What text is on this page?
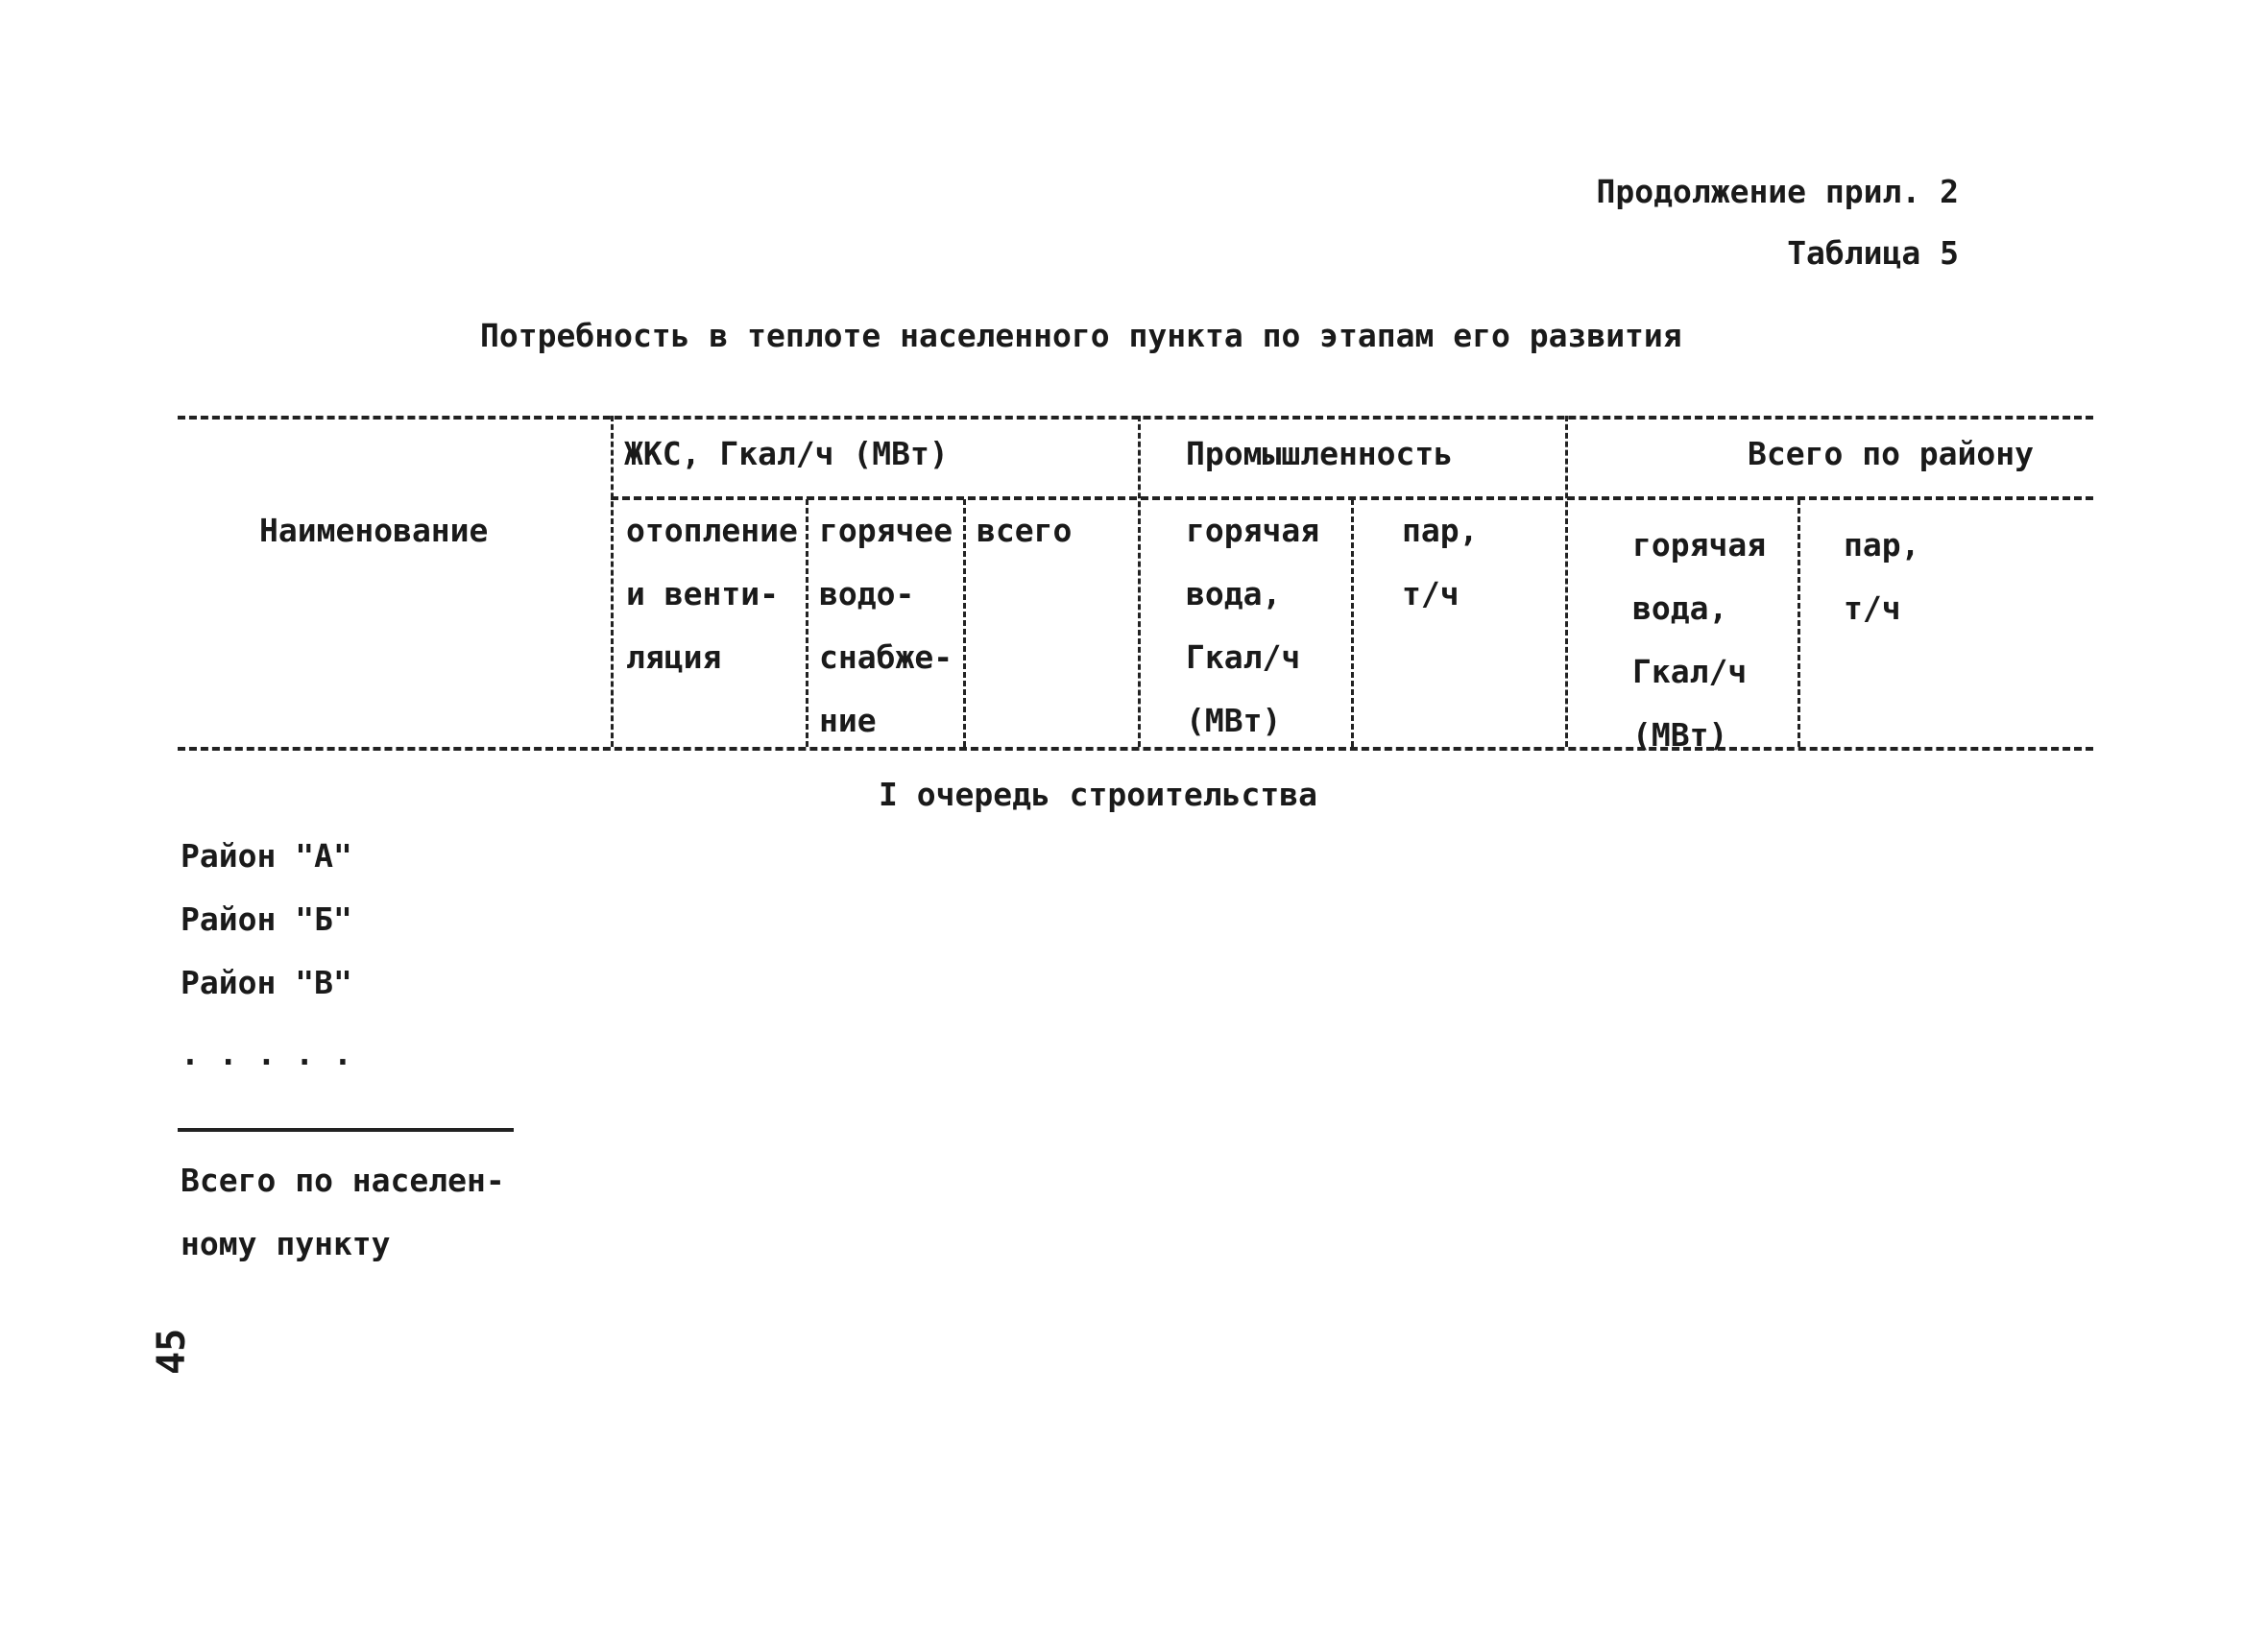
Продолжение прил. 2
Таблица 5
Потребность в теплоте населенного пункта по этапам его развития
Наименование
ЖКС, Гкал/ч (МВт)
отопление
и венти-
ляция
горячее
водо-
снабже-
ние
всего
Промышленность
горячая
вода,
Гкал/ч
(МВт)
пар,
т/ч
Всего по району
горячая
вода,
Гкал/ч
(МВт)
пар,
т/ч
I очередь строительства
Район "А"
Район "Б"
Район "В"
. . . . .
Всего по населен-
ному пункту
45
